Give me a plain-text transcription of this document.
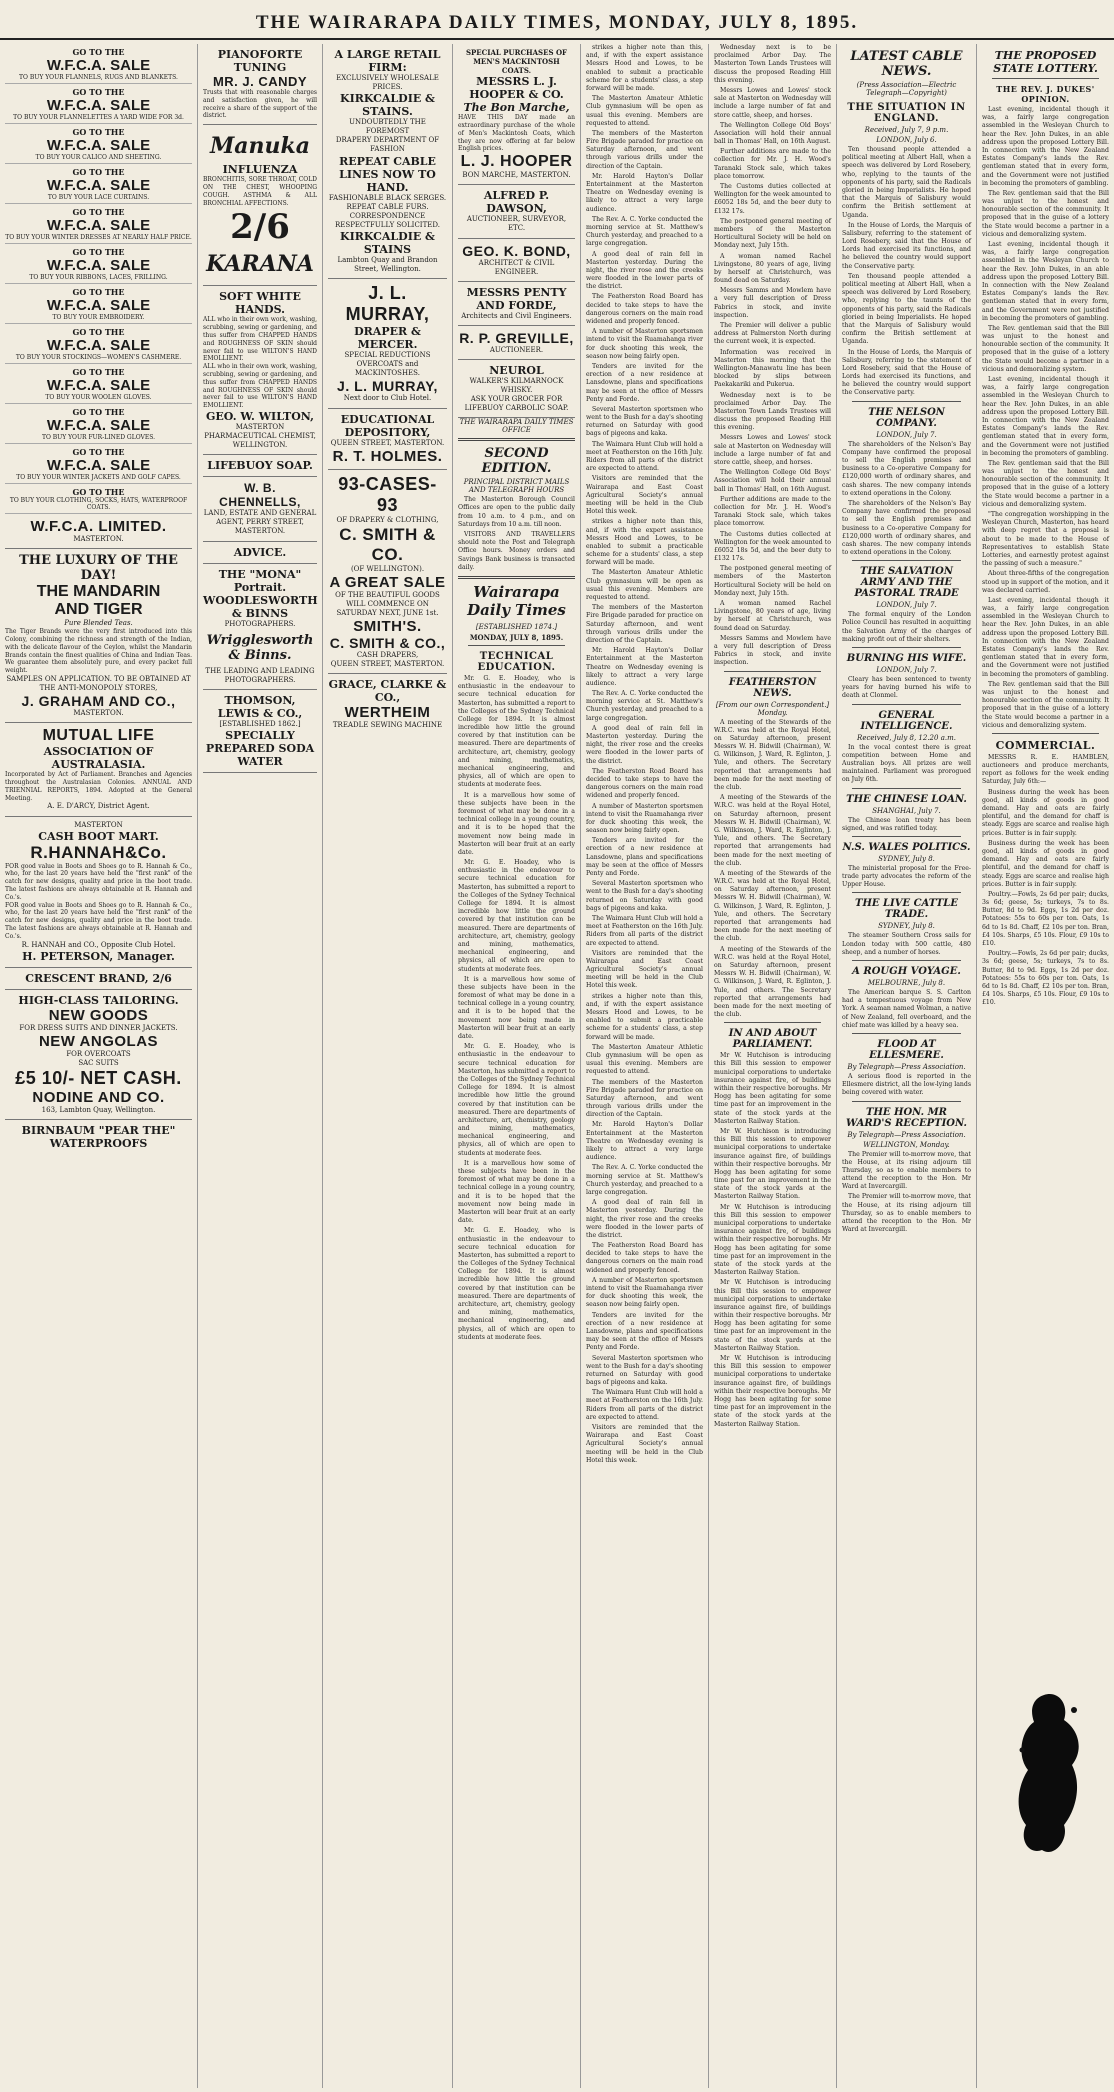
THE WAIRARAPA DAILY TIMES, MONDAY, JULY 8, 1895.
GO TO THE
W.F.C.A. SALE
TO BUY YOUR FLANNELS, RUGS AND BLANKETS.
GO TO THE
W.F.C.A. SALE
TO BUY YOUR FLANNELETTES A YARD WIDE FOR 3d.
GO TO THE
W.F.C.A. SALE
TO BUY YOUR CALICO AND SHEETING.
GO TO THE
W.F.C.A. SALE
TO BUY YOUR LACE CURTAINS.
GO TO THE
W.F.C.A. SALE
TO BUY YOUR WINTER DRESSES AT NEARLY HALF PRICE.
GO TO THE
W.F.C.A. SALE
TO BUY YOUR RIBBONS, LACES, FRILLING.
GO TO THE
W.F.C.A. SALE
TO BUY YOUR EMBROIDERY.
GO TO THE
W.F.C.A. SALE
TO BUY YOUR STOCKINGS—WOMEN'S CASHMERE.
GO TO THE
W.F.C.A. SALE
TO BUY YOUR WOOLEN GLOVES.
GO TO THE
W.F.C.A. SALE
TO BUY YOUR FUR-LINED GLOVES.
GO TO THE
W.F.C.A. SALE
TO BUY YOUR WINTER JACKETS AND GOLF CAPES.
GO TO THE
TO BUY YOUR CLOTHING, SOCKS, HATS, WATERPROOF COATS.
W.F.C.A. LIMITED.
MASTERTON.
THE LUXURY OF THE DAY!
THE MANDARIN
AND TIGER
Pure Blended Teas.
The Tiger Brands were the very first introduced into this Colony, combining the richness and strength of the Indian, with the delicate flavour of the Ceylon, whilst the Mandarin Brands contain the finest qualities of China and Indian Teas. We guarantee them absolutely pure, and every packet full weight.
SAMPLES ON APPLICATION. TO BE OBTAINED AT
THE ANTI-MONOPOLY STORES,
J. GRAHAM AND CO.,
MASTERTON.
MUTUAL LIFE
ASSOCIATION OF AUSTRALASIA.
Incorporated by Act of Parliament. Branches and Agencies throughout the Australasian Colonies. ANNUAL AND TRIENNIAL REPORTS, 1894. Adopted at the General Meeting.
A. E. D'ARCY, District Agent.
MASTERTON
CASH BOOT MART.
R.HANNAH&Co.
FOR good value in Boots and Shoes go to R. Hannah & Co., who, for the last 20 years have held the "first rank" of the catch for new designs, quality and price in the boot trade. The latest fashions are always obtainable at R. Hannah and Co.'s.
FOR good value in Boots and Shoes go to R. Hannah & Co., who, for the last 20 years have held the "first rank" of the catch for new designs, quality and price in the boot trade. The latest fashions are always obtainable at R. Hannah and Co.'s.
R. HANNAH and CO., Opposite Club Hotel.
H. PETERSON, Manager.
CRESCENT BRAND, 2/6
HIGH-CLASS TAILORING.
NEW GOODS
FOR DRESS SUITS AND DINNER JACKETS.
NEW ANGOLAS
FOR OVERCOATS
SAC SUITS
£5 10/- NET CASH.
NODINE AND CO.
163, Lambton Quay, Wellington.
BIRNBAUM "PEAR THE" WATERPROOFS
PIANOFORTE TUNING
MR. J. CANDY
Trusts that with reasonable charges and satisfaction given, he will receive a share of the support of the district.
Manuka
INFLUENZA
BRONCHITIS, SORE THROAT, COLD ON THE CHEST, WHOOPING COUGH. ASTHMA & ALL BRONCHIAL AFFECTIONS.
2/6
KARANA
SOFT WHITE HANDS.
ALL who in their own work, washing, scrubbing, sewing or gardening, and thus suffer from CHAPPED HANDS and ROUGHNESS OF SKIN should never fail to use WILTON'S HAND EMOLLIENT.
ALL who in their own work, washing, scrubbing, sewing or gardening, and thus suffer from CHAPPED HANDS and ROUGHNESS OF SKIN should never fail to use WILTON'S HAND EMOLLIENT.
GEO. W. WILTON,
MASTERTON PHARMACEUTICAL CHEMIST, WELLINGTON.
LIFEBUOY SOAP.
W. B. CHENNELLS,
LAND, ESTATE AND GENERAL AGENT, PERRY STREET, MASTERTON.
ADVICE.
THE "MONA" Portrait.
WOODLESWORTH & BINNS
PHOTOGRAPHERS.
Wrigglesworth & Binns.
THE LEADING AND LEADING PHOTOGRAPHERS.
THOMSON, LEWIS & CO.,
[ESTABLISHED 1862.]
SPECIALLY PREPARED SODA WATER
A LARGE RETAIL FIRM:
EXCLUSIVELY WHOLESALE PRICES.
KIRKCALDIE & STAINS.
UNDOUBTEDLY THE FOREMOST
DRAPERY DEPARTMENT OF FASHION
REPEAT CABLE LINES NOW TO HAND.
FASHIONABLE BLACK SERGES.
REPEAT CABLE FURS.
CORRESPONDENCE RESPECTFULLY SOLICITED.
KIRKCALDIE & STAINS
Lambton Quay and Brandon Street, Wellington.
J. L. MURRAY,
DRAPER & MERCER.
SPECIAL REDUCTIONS
OVERCOATS and MACKINTOSHES.
J. L. MURRAY,
Next door to Club Hotel.
EDUCATIONAL DEPOSITORY,
QUEEN STREET, MASTERTON.
R. T. HOLMES.
93-CASES-93
OF DRAPERY & CLOTHING,
C. SMITH & CO.
(OF WELLINGTON).
A GREAT SALE
OF THE BEAUTIFUL GOODS WILL COMMENCE ON SATURDAY NEXT, JUNE 1st.
SMITH'S.
C. SMITH & CO.,
CASH DRAPERS,
QUEEN STREET, MASTERTON.
GRACE, CLARKE & CO.,
WERTHEIM
TREADLE SEWING MACHINE
SPECIAL PURCHASES OF MEN'S MACKINTOSH COATS.
MESSRS L. J. HOOPER & CO.
The Bon Marche,
HAVE THIS DAY made an extraordinary purchase of the whole of Men's Mackintosh Coats, which they are now offering at far below English prices.
L. J. HOOPER
BON MARCHE, MASTERTON.
ALFRED P. DAWSON,
AUCTIONEER, SURVEYOR, ETC.
GEO. K. BOND,
ARCHITECT & CIVIL ENGINEER.
MESSRS PENTY AND FORDE,
Architects and Civil Engineers.
R. P. GREVILLE,
AUCTIONEER.
NEUROL
WALKER'S KILMARNOCK WHISKY.
ASK YOUR GROCER FOR LIFEBUOY CARBOLIC SOAP.
THE WAIRARAPA DAILY TIMES OFFICE
SECOND EDITION.
PRINCIPAL DISTRICT MAILS AND TELEGRAPH HOURS
The Masterton Borough Council Offices are open to the public daily from 10 a.m. to 4 p.m., and on Saturdays from 10 a.m. till noon.
VISITORS AND TRAVELLERS should note the Post and Telegraph Office hours. Money orders and Savings Bank business is transacted daily.
Wairarapa Daily Times
[ESTABLISHED 1874.]
MONDAY, JULY 8, 1895.
TECHNICAL EDUCATION.
Mr. G. E. Hoadey, who is enthusiastic in the endeavour to secure technical education for Masterton, has submitted a report to the Colleges of the Sydney Technical College for 1894. It is almost incredible how little the ground covered by that institution can be measured. There are departments of architecture, art, chemistry, geology and mining, mathematics, mechanical engineering, and physics, all of which are open to students at moderate fees.
It is a marvellous how some of these subjects have been in the foremost of what may be done in a technical college in a young country, and it is to be hoped that the movement now being made in Masterton will bear fruit at an early date.
Mr. G. E. Hoadey, who is enthusiastic in the endeavour to secure technical education for Masterton, has submitted a report to the Colleges of the Sydney Technical College for 1894. It is almost incredible how little the ground covered by that institution can be measured. There are departments of architecture, art, chemistry, geology and mining, mathematics, mechanical engineering, and physics, all of which are open to students at moderate fees.
It is a marvellous how some of these subjects have been in the foremost of what may be done in a technical college in a young country, and it is to be hoped that the movement now being made in Masterton will bear fruit at an early date.
Mr. G. E. Hoadey, who is enthusiastic in the endeavour to secure technical education for Masterton, has submitted a report to the Colleges of the Sydney Technical College for 1894. It is almost incredible how little the ground covered by that institution can be measured. There are departments of architecture, art, chemistry, geology and mining, mathematics, mechanical engineering, and physics, all of which are open to students at moderate fees.
It is a marvellous how some of these subjects have been in the foremost of what may be done in a technical college in a young country, and it is to be hoped that the movement now being made in Masterton will bear fruit at an early date.
Mr. G. E. Hoadey, who is enthusiastic in the endeavour to secure technical education for Masterton, has submitted a report to the Colleges of the Sydney Technical College for 1894. It is almost incredible how little the ground covered by that institution can be measured. There are departments of architecture, art, chemistry, geology and mining, mathematics, mechanical engineering, and physics, all of which are open to students at moderate fees.
strikes a higher note than this, and, if with the expert assistance Messrs Hood and Lowes, to be enabled to submit a practicable scheme for a students' class, a step forward will be made.
The Masterton Amateur Athletic Club gymnasium will be open as usual this evening. Members are requested to attend.
The members of the Masterton Fire Brigade paraded for practice on Saturday afternoon, and went through various drills under the direction of the Captain.
Mr. Harold Hayton's Dollar Entertainment at the Masterton Theatre on Wednesday evening is likely to attract a very large audience.
The Rev. A. C. Yorke conducted the morning service at St. Matthew's Church yesterday, and preached to a large congregation.
A good deal of rain fell in Masterton yesterday. During the night, the river rose and the creeks were flooded in the lower parts of the district.
The Featherston Road Board has decided to take steps to have the dangerous corners on the main road widened and properly fenced.
A number of Masterton sportsmen intend to visit the Ruamahanga river for duck shooting this week, the season now being fairly open.
Tenders are invited for the erection of a new residence at Lansdowne, plans and specifications may be seen at the office of Messrs Penty and Forde.
Several Masterton sportsmen who went to the Bush for a day's shooting returned on Saturday with good bags of pigeons and kaka.
The Waimara Hunt Club will hold a meet at Featherston on the 16th July. Riders from all parts of the district are expected to attend.
Visitors are reminded that the Wairarapa and East Coast Agricultural Society's annual meeting will be held in the Club Hotel this week.
strikes a higher note than this, and, if with the expert assistance Messrs Hood and Lowes, to be enabled to submit a practicable scheme for a students' class, a step forward will be made.
The Masterton Amateur Athletic Club gymnasium will be open as usual this evening. Members are requested to attend.
The members of the Masterton Fire Brigade paraded for practice on Saturday afternoon, and went through various drills under the direction of the Captain.
Mr. Harold Hayton's Dollar Entertainment at the Masterton Theatre on Wednesday evening is likely to attract a very large audience.
The Rev. A. C. Yorke conducted the morning service at St. Matthew's Church yesterday, and preached to a large congregation.
A good deal of rain fell in Masterton yesterday. During the night, the river rose and the creeks were flooded in the lower parts of the district.
The Featherston Road Board has decided to take steps to have the dangerous corners on the main road widened and properly fenced.
A number of Masterton sportsmen intend to visit the Ruamahanga river for duck shooting this week, the season now being fairly open.
Tenders are invited for the erection of a new residence at Lansdowne, plans and specifications may be seen at the office of Messrs Penty and Forde.
Several Masterton sportsmen who went to the Bush for a day's shooting returned on Saturday with good bags of pigeons and kaka.
The Waimara Hunt Club will hold a meet at Featherston on the 16th July. Riders from all parts of the district are expected to attend.
Visitors are reminded that the Wairarapa and East Coast Agricultural Society's annual meeting will be held in the Club Hotel this week.
strikes a higher note than this, and, if with the expert assistance Messrs Hood and Lowes, to be enabled to submit a practicable scheme for a students' class, a step forward will be made.
The Masterton Amateur Athletic Club gymnasium will be open as usual this evening. Members are requested to attend.
The members of the Masterton Fire Brigade paraded for practice on Saturday afternoon, and went through various drills under the direction of the Captain.
Mr. Harold Hayton's Dollar Entertainment at the Masterton Theatre on Wednesday evening is likely to attract a very large audience.
The Rev. A. C. Yorke conducted the morning service at St. Matthew's Church yesterday, and preached to a large congregation.
A good deal of rain fell in Masterton yesterday. During the night, the river rose and the creeks were flooded in the lower parts of the district.
The Featherston Road Board has decided to take steps to have the dangerous corners on the main road widened and properly fenced.
A number of Masterton sportsmen intend to visit the Ruamahanga river for duck shooting this week, the season now being fairly open.
Tenders are invited for the erection of a new residence at Lansdowne, plans and specifications may be seen at the office of Messrs Penty and Forde.
Several Masterton sportsmen who went to the Bush for a day's shooting returned on Saturday with good bags of pigeons and kaka.
The Waimara Hunt Club will hold a meet at Featherston on the 16th July. Riders from all parts of the district are expected to attend.
Visitors are reminded that the Wairarapa and East Coast Agricultural Society's annual meeting will be held in the Club Hotel this week.
Wednesday next is to be proclaimed Arbor Day. The Masterton Town Lands Trustees will discuss the proposed Reading Hill this evening.
Messrs Lowes and Lowes' stock sale at Masterton on Wednesday will include a large number of fat and store cattle, sheep, and horses.
The Wellington College Old Boys' Association will hold their annual ball in Thomas' Hall, on 16th August.
Further additions are made to the collection for Mr. J. H. Wood's Taranaki Stock sale, which takes place tomorrow.
The Customs duties collected at Wellington for the week amounted to £6052 18s 5d, and the beer duty to £132 17s.
The postponed general meeting of members of the Masterton Horticultural Society will be held on Monday next, July 15th.
A woman named Rachel Livingstone, 80 years of age, living by herself at Christchurch, was found dead on Saturday.
Messrs Samms and Mowlem have a very full description of Dress Fabrics in stock, and invite inspection.
The Premier will deliver a public address at Palmerston North during the current week, it is expected.
Information was received in Masterton this morning that the Wellington-Manawatu line has been blocked by slips between Paekakariki and Pukerua.
Wednesday next is to be proclaimed Arbor Day. The Masterton Town Lands Trustees will discuss the proposed Reading Hill this evening.
Messrs Lowes and Lowes' stock sale at Masterton on Wednesday will include a large number of fat and store cattle, sheep, and horses.
The Wellington College Old Boys' Association will hold their annual ball in Thomas' Hall, on 16th August.
Further additions are made to the collection for Mr. J. H. Wood's Taranaki Stock sale, which takes place tomorrow.
The Customs duties collected at Wellington for the week amounted to £6052 18s 5d, and the beer duty to £132 17s.
The postponed general meeting of members of the Masterton Horticultural Society will be held on Monday next, July 15th.
A woman named Rachel Livingstone, 80 years of age, living by herself at Christchurch, was found dead on Saturday.
Messrs Samms and Mowlem have a very full description of Dress Fabrics in stock, and invite inspection.
FEATHERSTON NEWS.
[From our own Correspondent.] Monday.
A meeting of the Stewards of the W.R.C. was held at the Royal Hotel, on Saturday afternoon, present Messrs W. H. Bidwill (Chairman), W. G. Wilkinson, J. Ward, R. Eglinton, J. Yule, and others. The Secretary reported that arrangements had been made for the next meeting of the club.
A meeting of the Stewards of the W.R.C. was held at the Royal Hotel, on Saturday afternoon, present Messrs W. H. Bidwill (Chairman), W. G. Wilkinson, J. Ward, R. Eglinton, J. Yule, and others. The Secretary reported that arrangements had been made for the next meeting of the club.
A meeting of the Stewards of the W.R.C. was held at the Royal Hotel, on Saturday afternoon, present Messrs W. H. Bidwill (Chairman), W. G. Wilkinson, J. Ward, R. Eglinton, J. Yule, and others. The Secretary reported that arrangements had been made for the next meeting of the club.
A meeting of the Stewards of the W.R.C. was held at the Royal Hotel, on Saturday afternoon, present Messrs W. H. Bidwill (Chairman), W. G. Wilkinson, J. Ward, R. Eglinton, J. Yule, and others. The Secretary reported that arrangements had been made for the next meeting of the club.
IN AND ABOUT PARLIAMENT.
Mr W. Hutchison is introducing this Bill this session to empower municipal corporations to undertake insurance against fire, of buildings within their respective boroughs. Mr Hogg has been agitating for some time past for an improvement in the state of the stock yards at the Masterton Railway Station.
Mr W. Hutchison is introducing this Bill this session to empower municipal corporations to undertake insurance against fire, of buildings within their respective boroughs. Mr Hogg has been agitating for some time past for an improvement in the state of the stock yards at the Masterton Railway Station.
Mr W. Hutchison is introducing this Bill this session to empower municipal corporations to undertake insurance against fire, of buildings within their respective boroughs. Mr Hogg has been agitating for some time past for an improvement in the state of the stock yards at the Masterton Railway Station.
Mr W. Hutchison is introducing this Bill this session to empower municipal corporations to undertake insurance against fire, of buildings within their respective boroughs. Mr Hogg has been agitating for some time past for an improvement in the state of the stock yards at the Masterton Railway Station.
Mr W. Hutchison is introducing this Bill this session to empower municipal corporations to undertake insurance against fire, of buildings within their respective boroughs. Mr Hogg has been agitating for some time past for an improvement in the state of the stock yards at the Masterton Railway Station.
LATEST CABLE NEWS.
(Press Association—Electric Telegraph—Copyright)
THE SITUATION IN ENGLAND.
Received, July 7, 9 p.m.
LONDON, July 6.
Ten thousand people attended a political meeting at Albert Hall, when a speech was delivered by Lord Rosebery, who, replying to the taunts of the opponents of his party, said the Radicals gloried in being Imperialists. He hoped that the Marquis of Salisbury would confirm the British settlement at Uganda.
In the House of Lords, the Marquis of Salisbury, referring to the statement of Lord Rosebery, said that the House of Lords had exercised its functions, and he believed the country would support the Conservative party.
Ten thousand people attended a political meeting at Albert Hall, when a speech was delivered by Lord Rosebery, who, replying to the taunts of the opponents of his party, said the Radicals gloried in being Imperialists. He hoped that the Marquis of Salisbury would confirm the British settlement at Uganda.
In the House of Lords, the Marquis of Salisbury, referring to the statement of Lord Rosebery, said that the House of Lords had exercised its functions, and he believed the country would support the Conservative party.
THE NELSON COMPANY.
LONDON, July 7.
The shareholders of the Nelson's Bay Company have confirmed the proposal to sell the English premises and business to a Co-operative Company for £120,000 worth of ordinary shares, and cash shares. The new company intends to extend operations in the Colony.
The shareholders of the Nelson's Bay Company have confirmed the proposal to sell the English premises and business to a Co-operative Company for £120,000 worth of ordinary shares, and cash shares. The new company intends to extend operations in the Colony.
THE SALVATION ARMY AND THE PASTORAL TRADE
LONDON, July 7.
The formal enquiry of the London Police Council has resulted in acquitting the Salvation Army of the charges of making profit out of their shelters.
BURNING HIS WIFE.
LONDON, July 7.
Cleary has been sentenced to twenty years for having burned his wife to death at Clonmel.
GENERAL INTELLIGENCE.
Received, July 8, 12.20 a.m.
In the vocal contest there is great competition between Home and Australian boys. All prizes are well maintained. Parliament was prorogued on July 6th.
THE CHINESE LOAN.
SHANGHAI, July 7.
The Chinese loan treaty has been signed, and was ratified today.
N.S. WALES POLITICS.
SYDNEY, July 8.
The ministerial proposal for the Free-trade party advocates the reform of the Upper House.
THE LIVE CATTLE TRADE.
SYDNEY, July 8.
The steamer Southern Cross sails for London today with 500 cattle, 480 sheep, and a number of horses.
A ROUGH VOYAGE.
MELBOURNE, July 8.
The American barque S. S. Carlton had a tempestuous voyage from New York. A seaman named Wolman, a native of New Zealand, fell overboard, and the chief mate was killed by a heavy sea.
FLOOD AT ELLESMERE.
By Telegraph—Press Association.
A serious flood is reported in the Ellesmere district, all the low-lying lands being covered with water.
THE HON. MR WARD'S RECEPTION.
By Telegraph—Press Association.
WELLINGTON, Monday.
The Premier will to-morrow move, that the House, at its rising adjourn till Thursday, so as to enable members to attend the reception to the Hon. Mr Ward at Invercargill.
The Premier will to-morrow move, that the House, at its rising adjourn till Thursday, so as to enable members to attend the reception to the Hon. Mr Ward at Invercargill.
THE PROPOSED STATE LOTTERY.
THE REV. J. DUKES' OPINION.
Last evening, incidental though it was, a fairly large congregation assembled in the Wesleyan Church to hear the Rev. John Dukes, in an able address upon the proposed Lottery Bill. In connection with the New Zealand Estates Company's lands the Rev. gentleman stated that in every form, and the Government were not justified in becoming the promoters of gambling.
The Rev. gentleman said that the Bill was unjust to the honest and honourable section of the community. It proposed that in the guise of a lottery the State would become a partner in a vicious and demoralizing system.
Last evening, incidental though it was, a fairly large congregation assembled in the Wesleyan Church to hear the Rev. John Dukes, in an able address upon the proposed Lottery Bill. In connection with the New Zealand Estates Company's lands the Rev. gentleman stated that in every form, and the Government were not justified in becoming the promoters of gambling.
The Rev. gentleman said that the Bill was unjust to the honest and honourable section of the community. It proposed that in the guise of a lottery the State would become a partner in a vicious and demoralizing system.
Last evening, incidental though it was, a fairly large congregation assembled in the Wesleyan Church to hear the Rev. John Dukes, in an able address upon the proposed Lottery Bill. In connection with the New Zealand Estates Company's lands the Rev. gentleman stated that in every form, and the Government were not justified in becoming the promoters of gambling.
The Rev. gentleman said that the Bill was unjust to the honest and honourable section of the community. It proposed that in the guise of a lottery the State would become a partner in a vicious and demoralizing system.
"The congregation worshipping in the Wesleyan Church, Masterton, has heard with deep regret that a proposal is about to be made to the House of Representatives to establish State Lotteries, and earnestly protest against the passing of such a measure."
About three-fifths of the congregation stood up in support of the motion, and it was declared carried.
Last evening, incidental though it was, a fairly large congregation assembled in the Wesleyan Church to hear the Rev. John Dukes, in an able address upon the proposed Lottery Bill. In connection with the New Zealand Estates Company's lands the Rev. gentleman stated that in every form, and the Government were not justified in becoming the promoters of gambling.
The Rev. gentleman said that the Bill was unjust to the honest and honourable section of the community. It proposed that in the guise of a lottery the State would become a partner in a vicious and demoralizing system.
COMMERCIAL.
MESSRS R. E. HAMBLEN, auctioneers and produce merchants, report as follows for the week ending Saturday, July 6th:—
Business during the week has been good, all kinds of goods in good demand. Hay and oats are fairly plentiful, and the demand for chaff is steady. Eggs are scarce and realise high prices. Butter is in fair supply.
Business during the week has been good, all kinds of goods in good demand. Hay and oats are fairly plentiful, and the demand for chaff is steady. Eggs are scarce and realise high prices. Butter is in fair supply.
Poultry.—Fowls, 2s 6d per pair; ducks, 3s 6d; geese, 5s; turkeys, 7s to 8s. Butter, 8d to 9d. Eggs, 1s 2d per doz. Potatoes: 55s to 60s per ton. Oats, 1s 6d to 1s 8d. Chaff, £2 10s per ton. Bran, £4 10s. Sharps, £5 10s. Flour, £9 10s to £10.
Poultry.—Fowls, 2s 6d per pair; ducks, 3s 6d; geese, 5s; turkeys, 7s to 8s. Butter, 8d to 9d. Eggs, 1s 2d per doz. Potatoes: 55s to 60s per ton. Oats, 1s 6d to 1s 8d. Chaff, £2 10s per ton. Bran, £4 10s. Sharps, £5 10s. Flour, £9 10s to £10.
